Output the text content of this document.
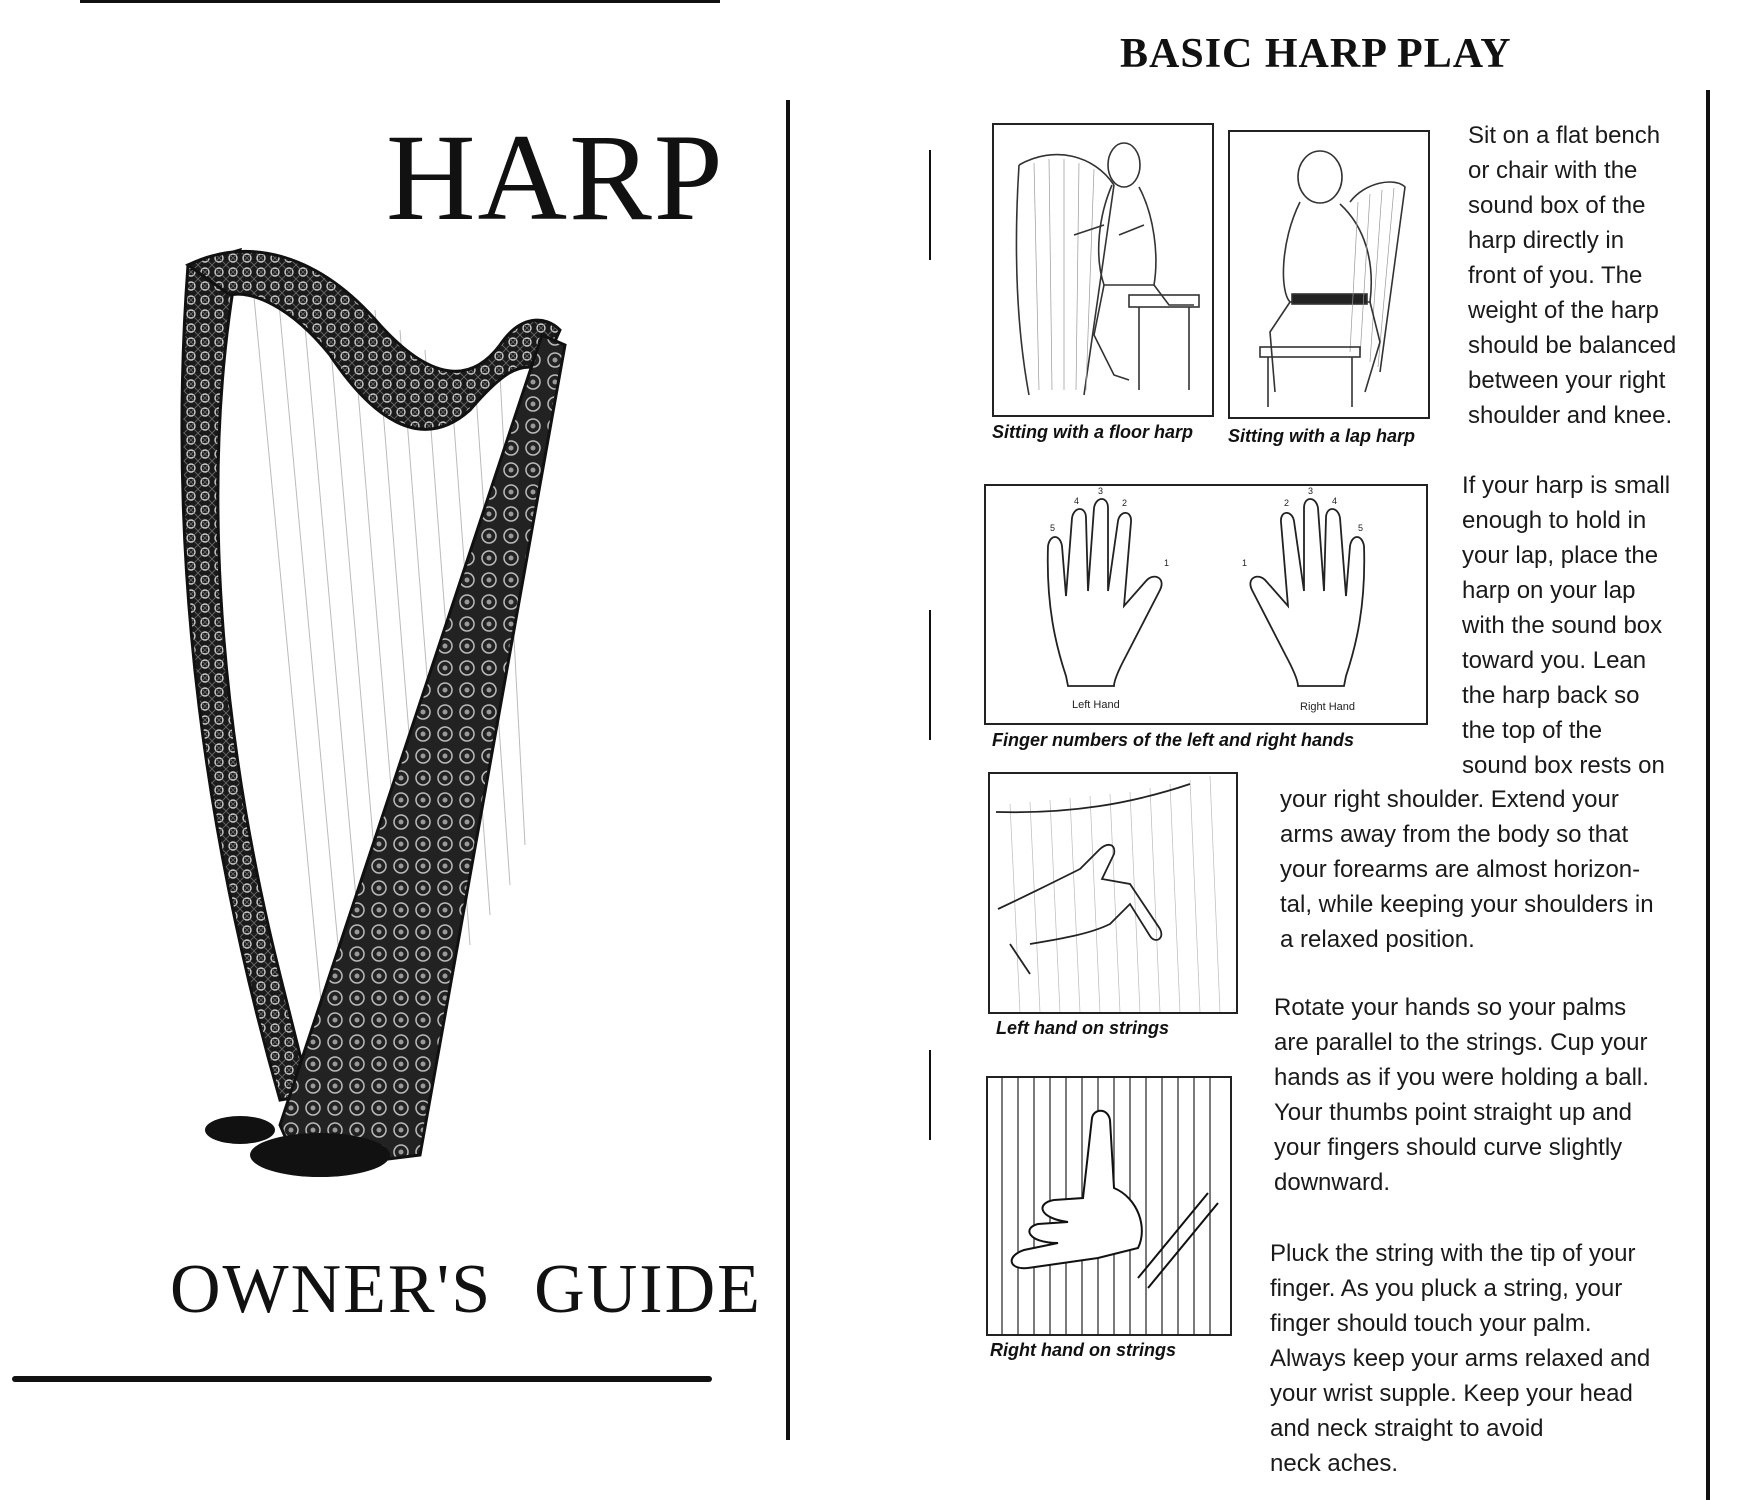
HARP
OWNER'S GUIDE
BASIC HARP PLAY
Sitting with a floor harp Sitting with a lap harp
5
4
3
2
1	1
2
3
4
5
Left Hand	Right Hand
Finger numbers of the left and right hands
Left hand on strings
Right hand on strings

Sit on a flat bench
or chair with the
sound box of the
harp directly in
front of you. The
weight of the harp
should be balanced
between your right
shoulder and knee.

If your harp is small
enough to hold in
your lap, place the
harp on your lap
with the sound box
toward you. Lean
the harp back so
the top of the
sound box rests on

your right shoulder. Extend your
arms away from the body so that
your forearms are almost horizon-
tal, while keeping your shoulders in
a relaxed position.

Rotate your hands so your palms
are parallel to the strings. Cup your
hands as if you were holding a ball.
Your thumbs point straight up and
your fingers should curve slightly
downward.

Pluck the string with the tip of your
finger. As you pluck a string, your
finger should touch your palm.
Always keep your arms relaxed and
your wrist supple. Keep your head
and neck straight to avoid
neck aches.
